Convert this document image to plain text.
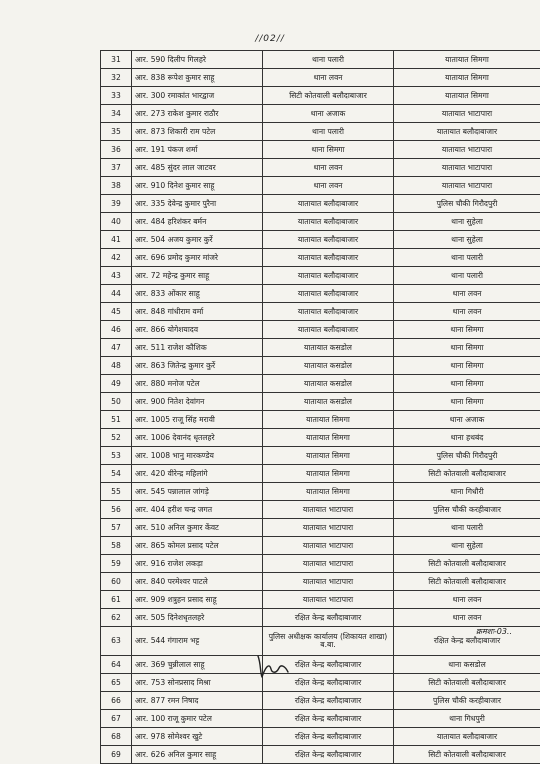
//02//
31	आर. 590 दिलीप गिलहरे	थाना पलारी	यातायात सिमगा
32	आर. 838 रूपेश कुमार साहू	थाना लवन	यातायात सिमगा
33	आर. 300 रमाकांत भारद्वाज	सिटी कोतवाली बलौदाबाजार	यातायात सिमगा
34	आर. 273 राकेश कुमार राठौर	थाना अजाक	यातायात भाटापारा
35	आर. 873 शिकारी राम पटेल	थाना पलारी	यातायात बलौदाबाजार
36	आर. 191 पंकज शर्मा	थाना सिमगा	यातायात भाटापारा
37	आर. 485 सुंदर लाल जाटवर	थाना लवन	यातायात भाटापारा
38	आर. 910 दिनेश कुमार साहू	थाना लवन	यातायात भाटापारा
39	आर. 335 देवेन्द्र कुमार पुरैना	यातायात बलौदाबाजार	पुलिस चौकी गिरौदपुरी
40	आर. 484 हरिशंकर बर्मन	यातायात बलौदाबाजार	थाना सुहेला
41	आर. 504 अजय कुमार कुर्रे	यातायात बलौदाबाजार	थाना सुहेला
42	आर. 696 प्रमोद कुमार मांजरे	यातायात बलौदाबाजार	थाना पलारी
43	आर. 72 महेन्द्र कुमार साहू	यातायात बलौदाबाजार	थाना पलारी
44	आर. 833 ओंकार साहू	यातायात बलौदाबाजार	थाना लवन
45	आर. 848 गांधीराम वर्मा	यातायात बलौदाबाजार	थाना लवन
46	आर. 866 योगेशयादव	यातायात बलौदाबाजार	थाना सिमगा
47	आर. 511 राजेश कौशिक	यातायात कसडोल	थाना सिमगा
48	आर. 863 जितेन्द्र कुमार कुर्रे	यातायात कसडोल	थाना सिमगा
49	आर. 880 मनोज पटेल	यातायात कसडोल	थाना सिमगा
50	आर. 900 नितेश देवांगन	यातायात कसडोल	थाना सिमगा
51	आर. 1005 राजू सिंह मरावी	यातायात सिमगा	थाना अजाक
52	आर. 1006 देवानंद धृतलहरे	यातायात सिमगा	थाना हथबंद
53	आर. 1008 भानु मारकण्डेय	यातायात सिमगा	पुलिस चौकी गिरौदपुरी
54	आर. 420 वीरेन्द्र महिलांगे	यातायात सिमगा	सिटी कोतवाली बलौदाबाजार
55	आर. 545 पन्नालाल जांगड़े	यातायात सिमगा	थाना गिधौरी
56	आर. 404 हरीश चन्द्र जगत	यातायात भाटापारा	पुलिस चौकी करहीबाजार
57	आर. 510 अनिल कुमार केंवट	यातायात भाटापारा	थाना पलारी
58	आर. 865 कोमल प्रसाद पटेल	यातायात भाटापारा	थाना सुहेला
59	आर. 916 राजेश लकड़ा	यातायात भाटापारा	सिटी कोतवाली बलौदाबाजार
60	आर. 840 परमेश्वर पाटले	यातायात भाटापारा	सिटी कोतवाली बलौदाबाजार
61	आर. 909 शत्रुहन प्रसाद साहू	यातायात भाटापारा	थाना लवन
62	आर. 505 दिनेशधृतलहरे	रक्षित केन्द्र बलौदाबाजार	थाना लवन
63	आर. 544 गंगाराम भट्ट	पुलिस अधीक्षक कार्यालय (शिकायत शाखा) ब.बा.	रक्षित केन्द्र बलौदाबाजार
64	आर. 369 चुन्नीलाल साहू	रक्षित केन्द्र बलौदाबाजार	थाना कसडोल
65	आर. 753 सोनप्रसाद मिश्रा	रक्षित केन्द्र बलौदाबाजार	सिटी कोतवाली बलौदाबाजार
66	आर. 877 रमन निषाद	रक्षित केन्द्र बलौदाबाजार	पुलिस चौकी करहीबाजार
67	आर. 100 राजू कुमार पटेल	रक्षित केन्द्र बलौदाबाजार	थाना गिधपुरी
68	आर. 978 सोमेश्वर खुटे	रक्षित केन्द्र बलौदाबाजार	यातायात बलौदाबाजार
69	आर. 626 अनिल कुमार साहू	रक्षित केन्द्र बलौदाबाजार	सिटी कोतवाली बलौदाबाजार
क्रमशः-03..
